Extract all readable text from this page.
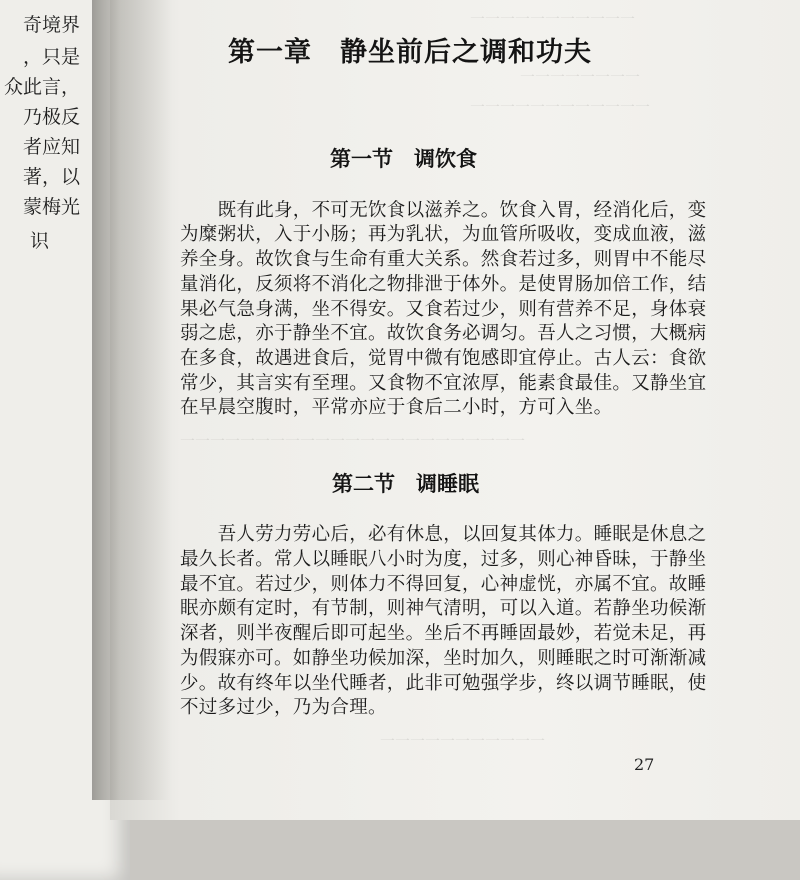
奇境界
，只是
众此言，
乃极反
者应知
著，以
蒙梅光
识
一一一一一一一一一一一
一一一一一一一一
一一一一一一一一一一一一
一一一一一一一一一一一一一一一一一一一一一一一
一一一一一一一一一一一
第一章　静坐前后之调和功夫
第一节　调饮食
　　既有此身，不可无饮食以滋养之。饮食入胃，经消化后，变
为糜粥状，入于小肠；再为乳状，为血管所吸收，变成血液，滋
养全身。故饮食与生命有重大关系。然食若过多，则胃中不能尽
量消化，反须将不消化之物排泄于体外。是使胃肠加倍工作，结
果必气急身满，坐不得安。又食若过少，则有营养不足，身体衰
弱之虑，亦于静坐不宜。故饮食务必调匀。吾人之习惯，大概病
在多食，故遇进食后，觉胃中微有饱感即宜停止。古人云：食欲
常少，其言实有至理。又食物不宜浓厚，能素食最佳。又静坐宜
在早晨空腹时，平常亦应于食后二小时，方可入坐。
第二节　调睡眠
　　吾人劳力劳心后，必有休息，以回复其体力。睡眠是休息之
最久长者。常人以睡眠八小时为度，过多，则心神昏昧，于静坐
最不宜。若过少，则体力不得回复，心神虚恍，亦属不宜。故睡
眠亦颇有定时，有节制，则神气清明，可以入道。若静坐功候渐
深者，则半夜醒后即可起坐。坐后不再睡固最妙，若觉未足，再
为假寐亦可。如静坐功候加深，坐时加久，则睡眠之时可渐渐减
少。故有终年以坐代睡者，此非可勉强学步，终以调节睡眠，使
不过多过少，乃为合理。
27
